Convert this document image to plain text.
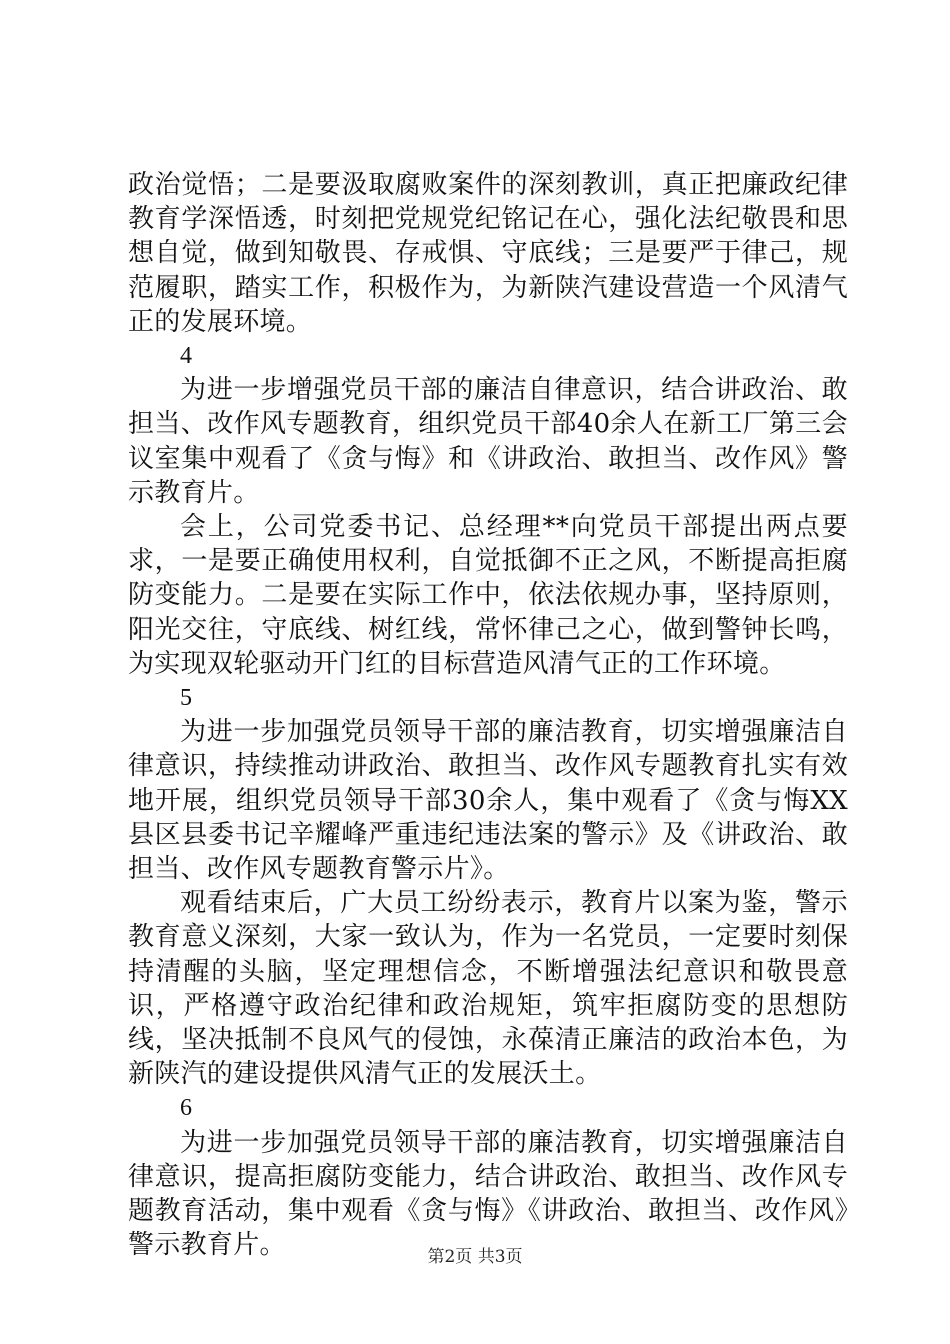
政治觉悟；二是要汲取腐败案件的深刻教训，真正把廉政纪律教育学深悟透，时刻把党规党纪铭记在心，强化法纪敬畏和思想自觉，做到知敬畏、存戒惧、守底线；三是要严于律己，规范履职，踏实工作，积极作为，为新陕汽建设营造一个风清气正的发展环境。

4

为进一步增强党员干部的廉洁自律意识，结合讲政治、敢担当、改作风专题教育，组织党员干部40余人在新工厂第三会议室集中观看了《贪与悔》和《讲政治、敢担当、改作风》警示教育片。

会上，公司党委书记、总经理**向党员干部提出两点要求，一是要正确使用权利，自觉抵御不正之风，不断提高拒腐防变能力。二是要在实际工作中，依法依规办事，坚持原则，阳光交往，守底线、树红线，常怀律己之心，做到警钟长鸣，为实现双轮驱动开门红的目标营造风清气正的工作环境。

5

为进一步加强党员领导干部的廉洁教育，切实增强廉洁自律意识，持续推动讲政治、敢担当、改作风专题教育扎实有效地开展，组织党员领导干部30余人，集中观看了《贪与悔XX县区县委书记辛耀峰严重违纪违法案的警示》及《讲政治、敢担当、改作风专题教育警示片》。

观看结束后，广大员工纷纷表示，教育片以案为鉴，警示教育意义深刻，大家一致认为，作为一名党员，一定要时刻保持清醒的头脑，坚定理想信念，不断增强法纪意识和敬畏意识，严格遵守政治纪律和政治规矩，筑牢拒腐防变的思想防线，坚决抵制不良风气的侵蚀，永葆清正廉洁的政治本色，为新陕汽的建设提供风清气正的发展沃土。

6

为进一步加强党员领导干部的廉洁教育，切实增强廉洁自律意识，提高拒腐防变能力，结合讲政治、敢担当、改作风专题教育活动，集中观看《贪与悔》《讲政治、敢担当、改作风》警示教育片。	第2页 共3页
